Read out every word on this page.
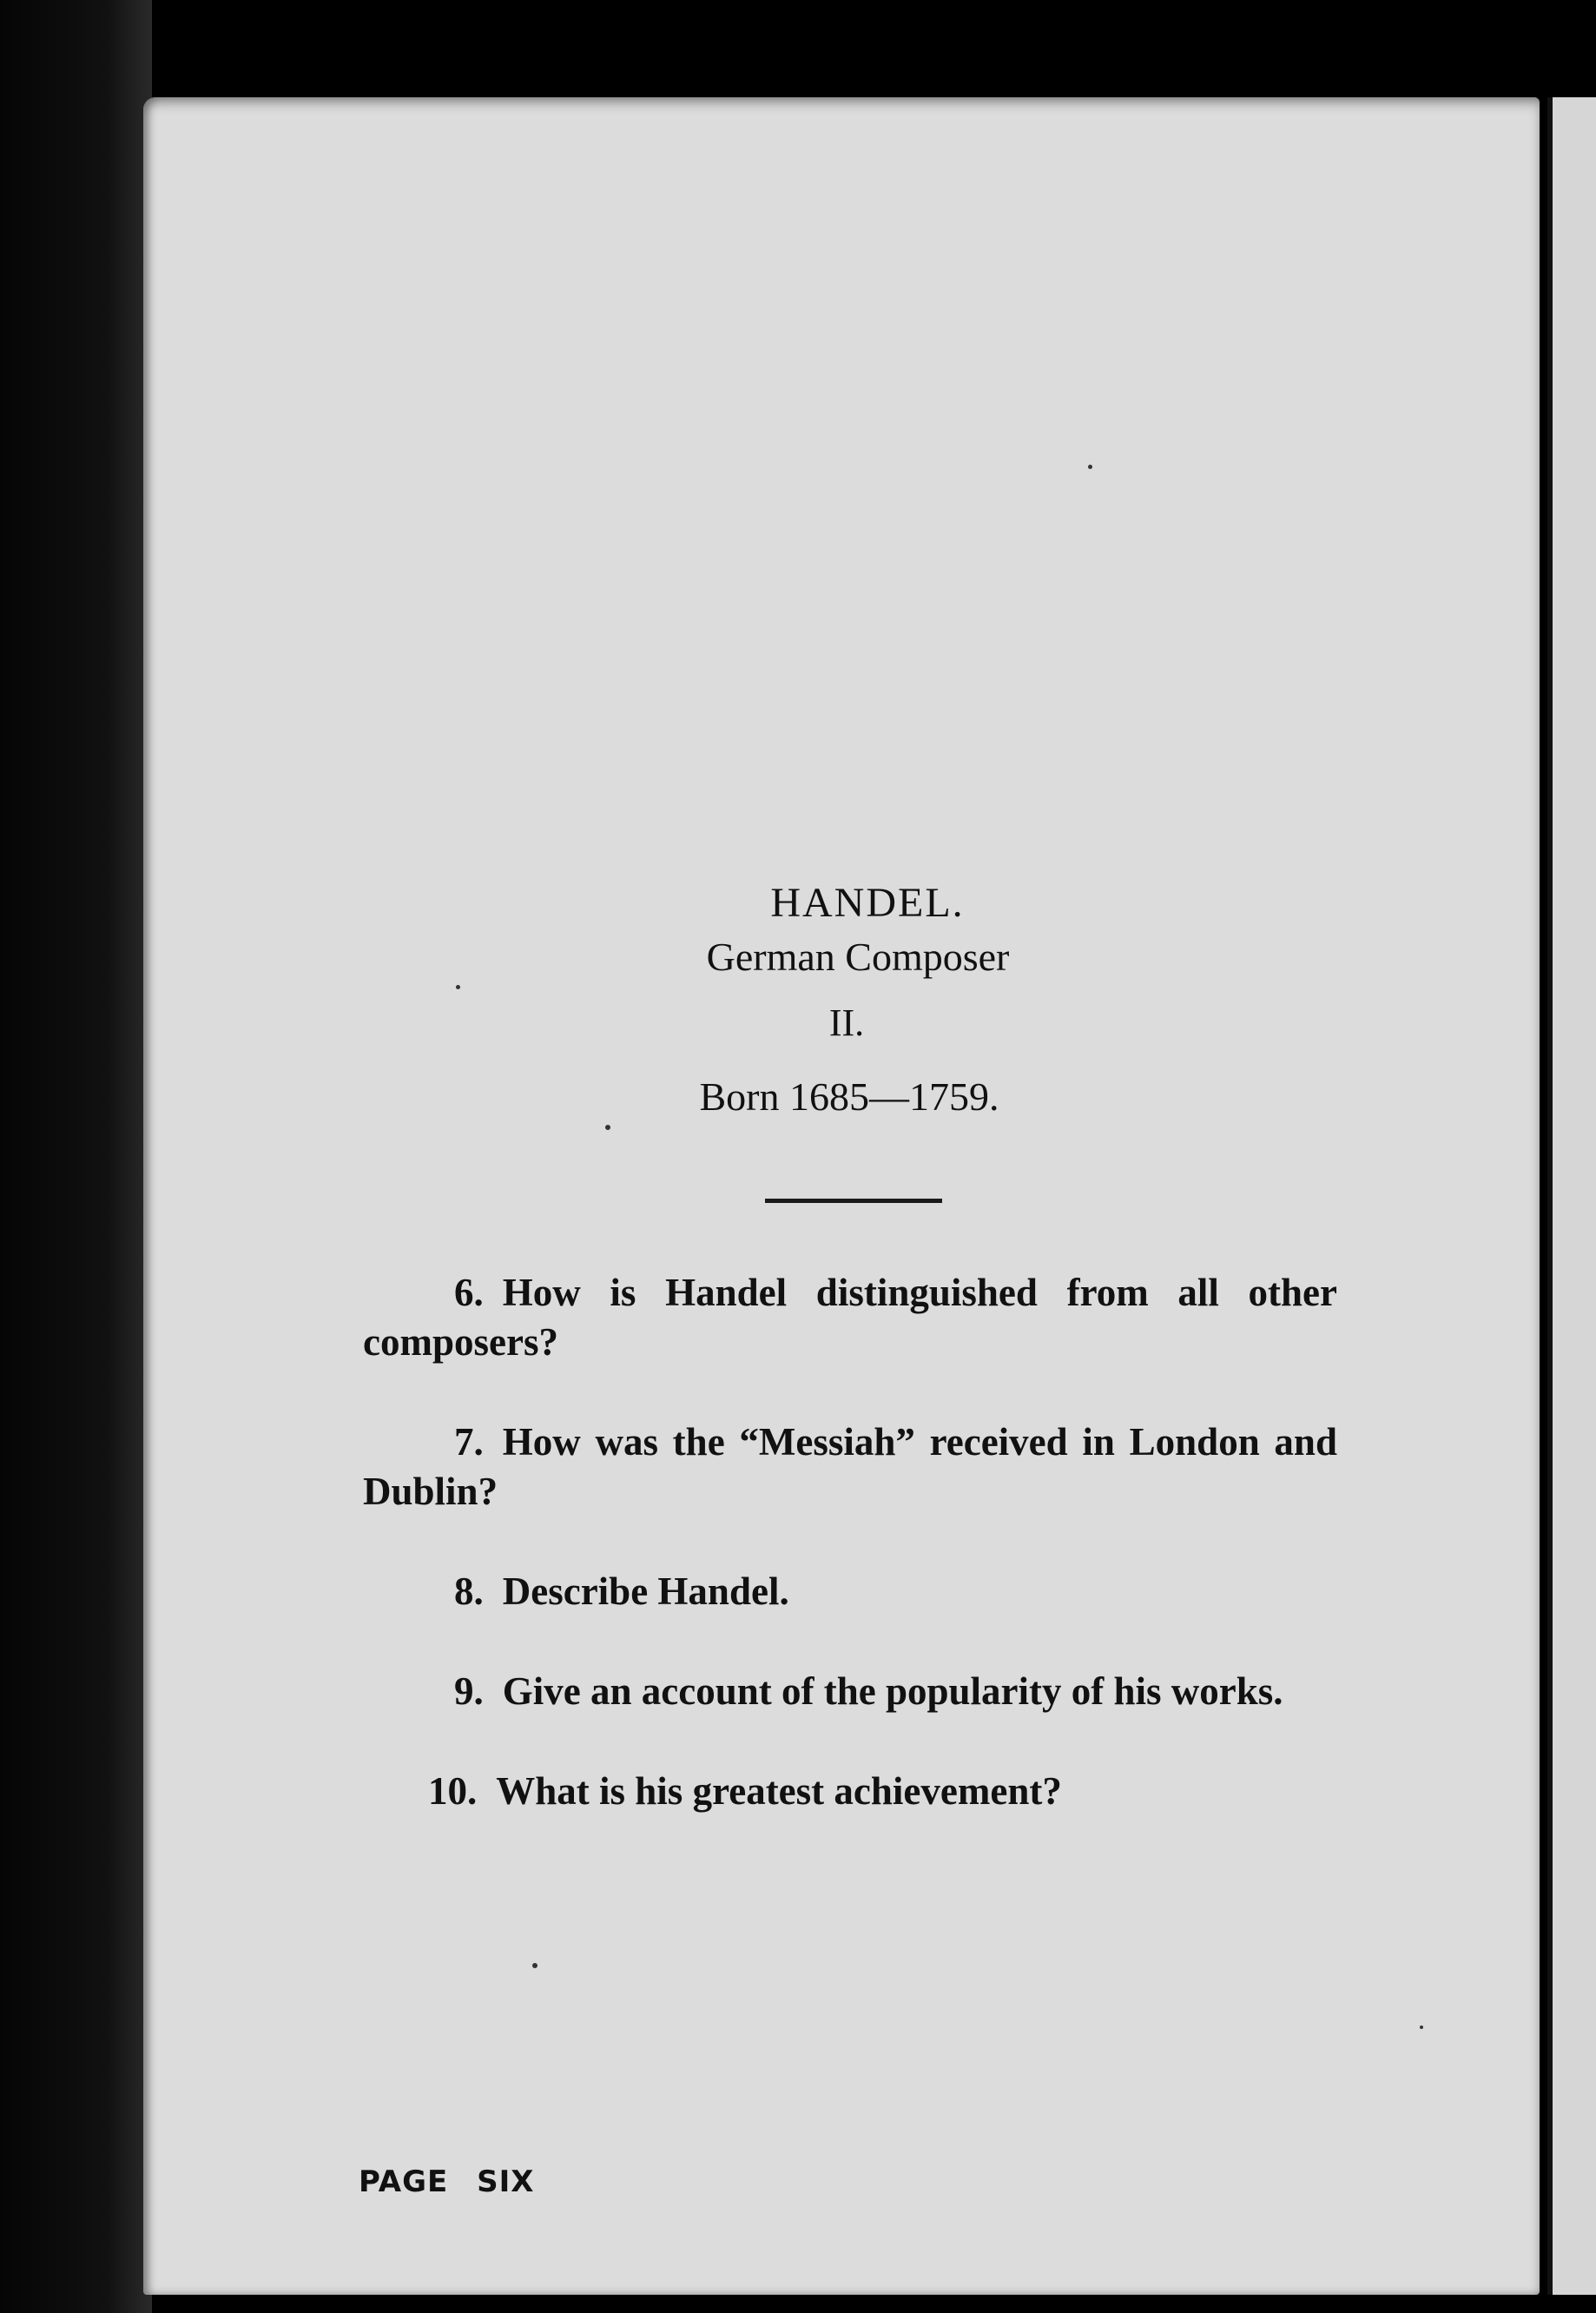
HANDEL.
German Composer
II.
Born 1685—1759.

6. How is Handel distinguished from all other composers?

7. How was the “Messiah” received in London and Dublin?

8. Describe Handel.

9. Give an account of the popularity of his works.

10. What is his greatest achievement?

PAGE SIX
